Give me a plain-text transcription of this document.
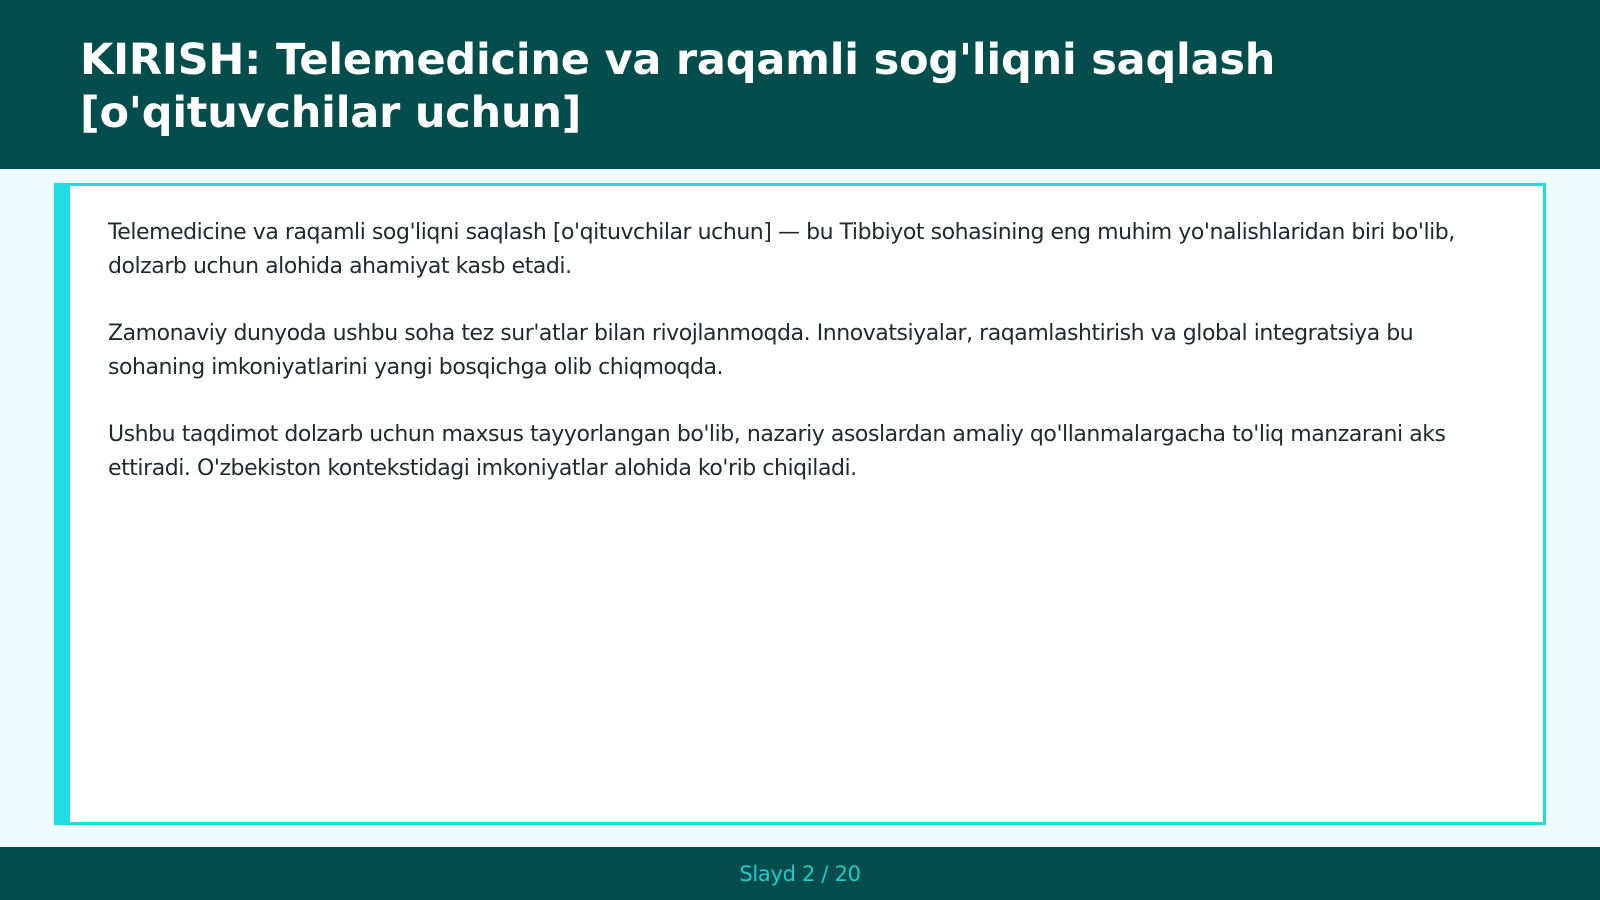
KIRISH: Telemedicine va raqamli sog'liqni saqlash [o'qituvchilar uchun]

Telemedicine va raqamli sog'liqni saqlash [o'qituvchilar uchun] — bu Tibbiyot sohasining eng muhim yo'nalishlaridan biri bo'lib, dolzarb uchun alohida ahamiyat kasb etadi.

Zamonaviy dunyoda ushbu soha tez sur'atlar bilan rivojlanmoqda. Innovatsiyalar, raqamlashtirish va global integratsiya bu sohaning imkoniyatlarini yangi bosqichga olib chiqmoqda.

Ushbu taqdimot dolzarb uchun maxsus tayyorlangan bo'lib, nazariy asoslardan amaliy qo'llanmalargacha to'liq manzarani aks ettiradi. O'zbekiston kontekstidagi imkoniyatlar alohida ko'rib chiqiladi.

Slayd 2 / 20
